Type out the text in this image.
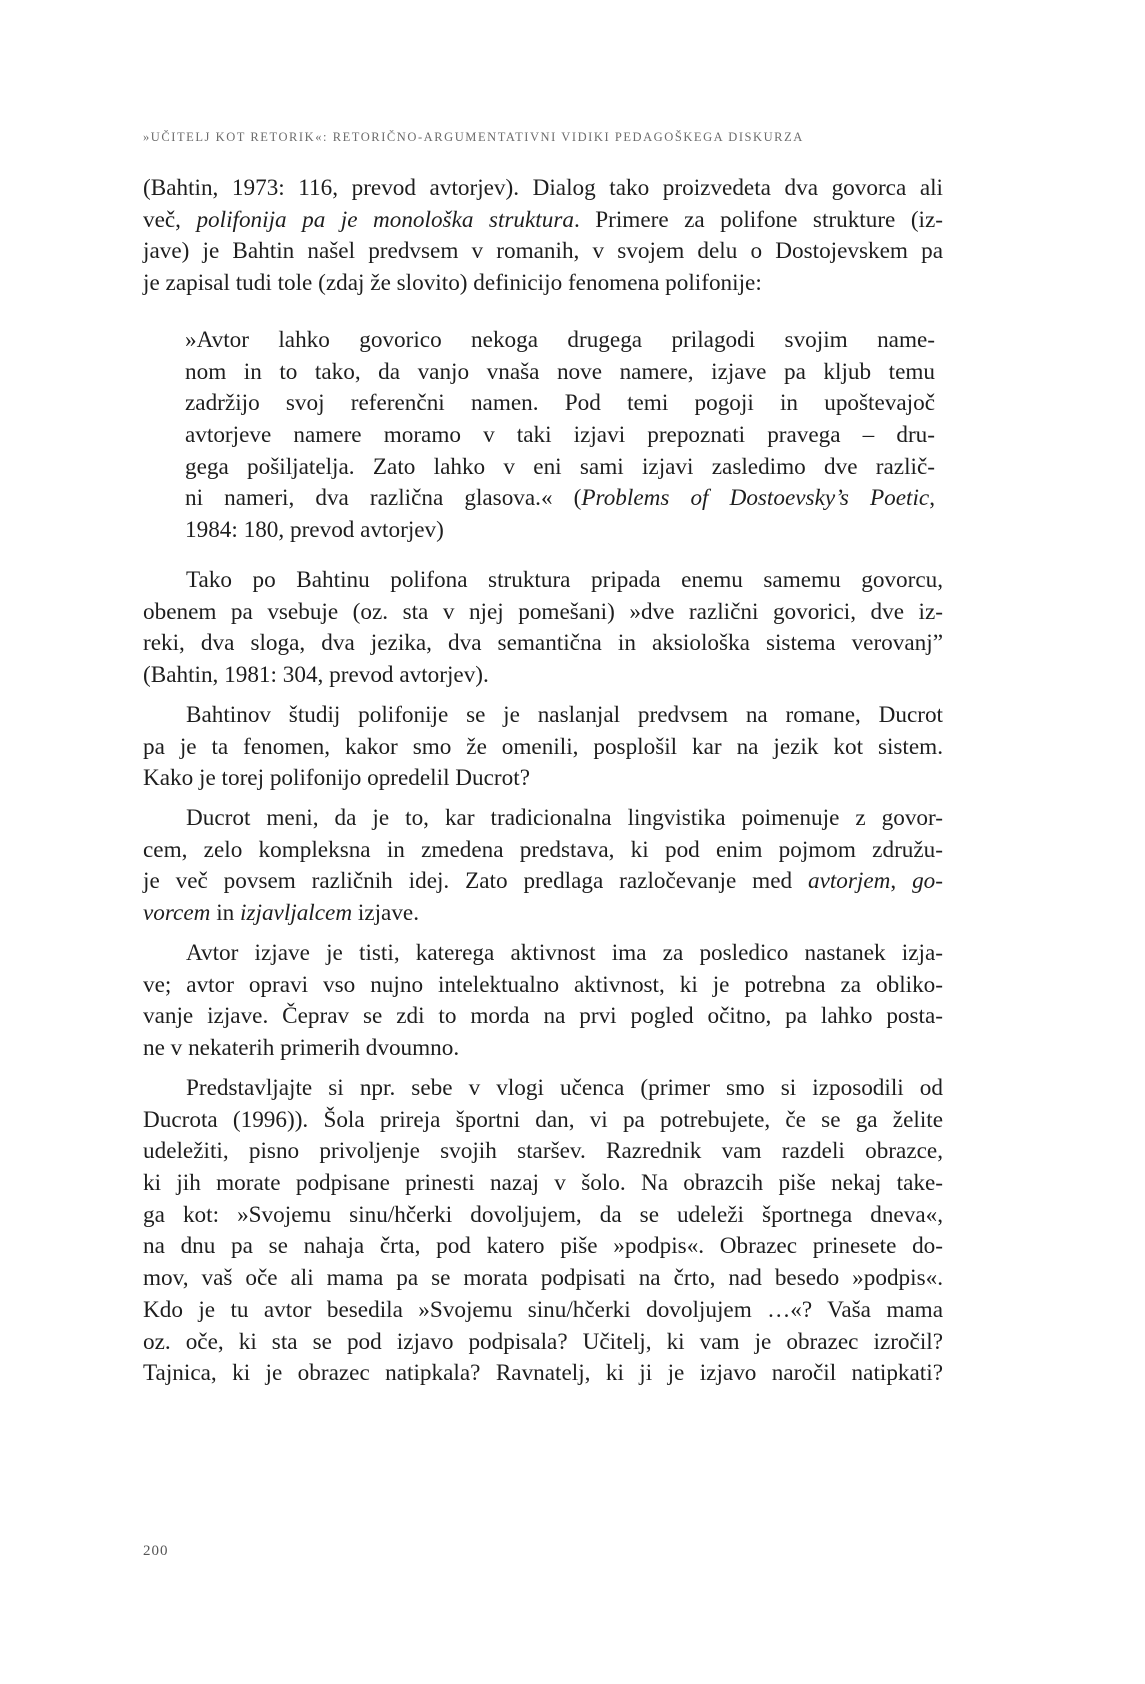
»UČITELJ KOT RETORIK«: RETORIČNO-ARGUMENTATIVNI VIDIKI PEDAGOŠKEGA DISKURZA
(Bahtin, 1973: 116, prevod avtorjev). Dialog tako proizvedeta dva govorca ali
več, polifonija pa je monološka struktura. Primere za polifone strukture (iz-
jave) je Bahtin našel predvsem v romanih, v svojem delu o Dostojevskem pa
je zapisal tudi tole (zdaj že slovito) definicijo fenomena polifonije:
»Avtor lahko govorico nekoga drugega prilagodi svojim name-
nom in to tako, da vanjo vnaša nove namere, izjave pa kljub temu
zadržijo svoj referenčni namen. Pod temi pogoji in upoštevajoč
avtorjeve namere moramo v taki izjavi prepoznati pravega – dru-
gega pošiljatelja. Zato lahko v eni sami izjavi zasledimo dve različ-
ni nameri, dva različna glasova.« (Problems of Dostoevsky’s Poetic,
1984: 180, prevod avtorjev)
Tako po Bahtinu polifona struktura pripada enemu samemu govorcu,
obenem pa vsebuje (oz. sta v njej pomešani) »dve različni govorici, dve iz-
reki, dva sloga, dva jezika, dva semantična in aksiološka sistema verovanj”
(Bahtin, 1981: 304, prevod avtorjev).
Bahtinov študij polifonije se je naslanjal predvsem na romane, Ducrot
pa je ta fenomen, kakor smo že omenili, posplošil kar na jezik kot sistem.
Kako je torej polifonijo opredelil Ducrot?
Ducrot meni, da je to, kar tradicionalna lingvistika poimenuje z govor-
cem, zelo kompleksna in zmedena predstava, ki pod enim pojmom združu-
je več povsem različnih idej. Zato predlaga razločevanje med avtorjem, go-
vorcem in izjavljalcem izjave.
Avtor izjave je tisti, katerega aktivnost ima za posledico nastanek izja-
ve; avtor opravi vso nujno intelektualno aktivnost, ki je potrebna za obliko-
vanje izjave. Čeprav se zdi to morda na prvi pogled očitno, pa lahko posta-
ne v nekaterih primerih dvoumno.
Predstavljajte si npr. sebe v vlogi učenca (primer smo si izposodili od
Ducrota (1996)). Šola prireja športni dan, vi pa potrebujete, če se ga želite
udeležiti, pisno privoljenje svojih staršev. Razrednik vam razdeli obrazce,
ki jih morate podpisane prinesti nazaj v šolo. Na obrazcih piše nekaj take-
ga kot: »Svojemu sinu/hčerki dovoljujem, da se udeleži športnega dneva«,
na dnu pa se nahaja črta, pod katero piše »podpis«. Obrazec prinesete do-
mov, vaš oče ali mama pa se morata podpisati na črto, nad besedo »podpis«.
Kdo je tu avtor besedila »Svojemu sinu/hčerki dovoljujem …«? Vaša mama
oz. oče, ki sta se pod izjavo podpisala? Učitelj, ki vam je obrazec izročil?
Tajnica, ki je obrazec natipkala? Ravnatelj, ki ji je izjavo naročil natipkati?
200
